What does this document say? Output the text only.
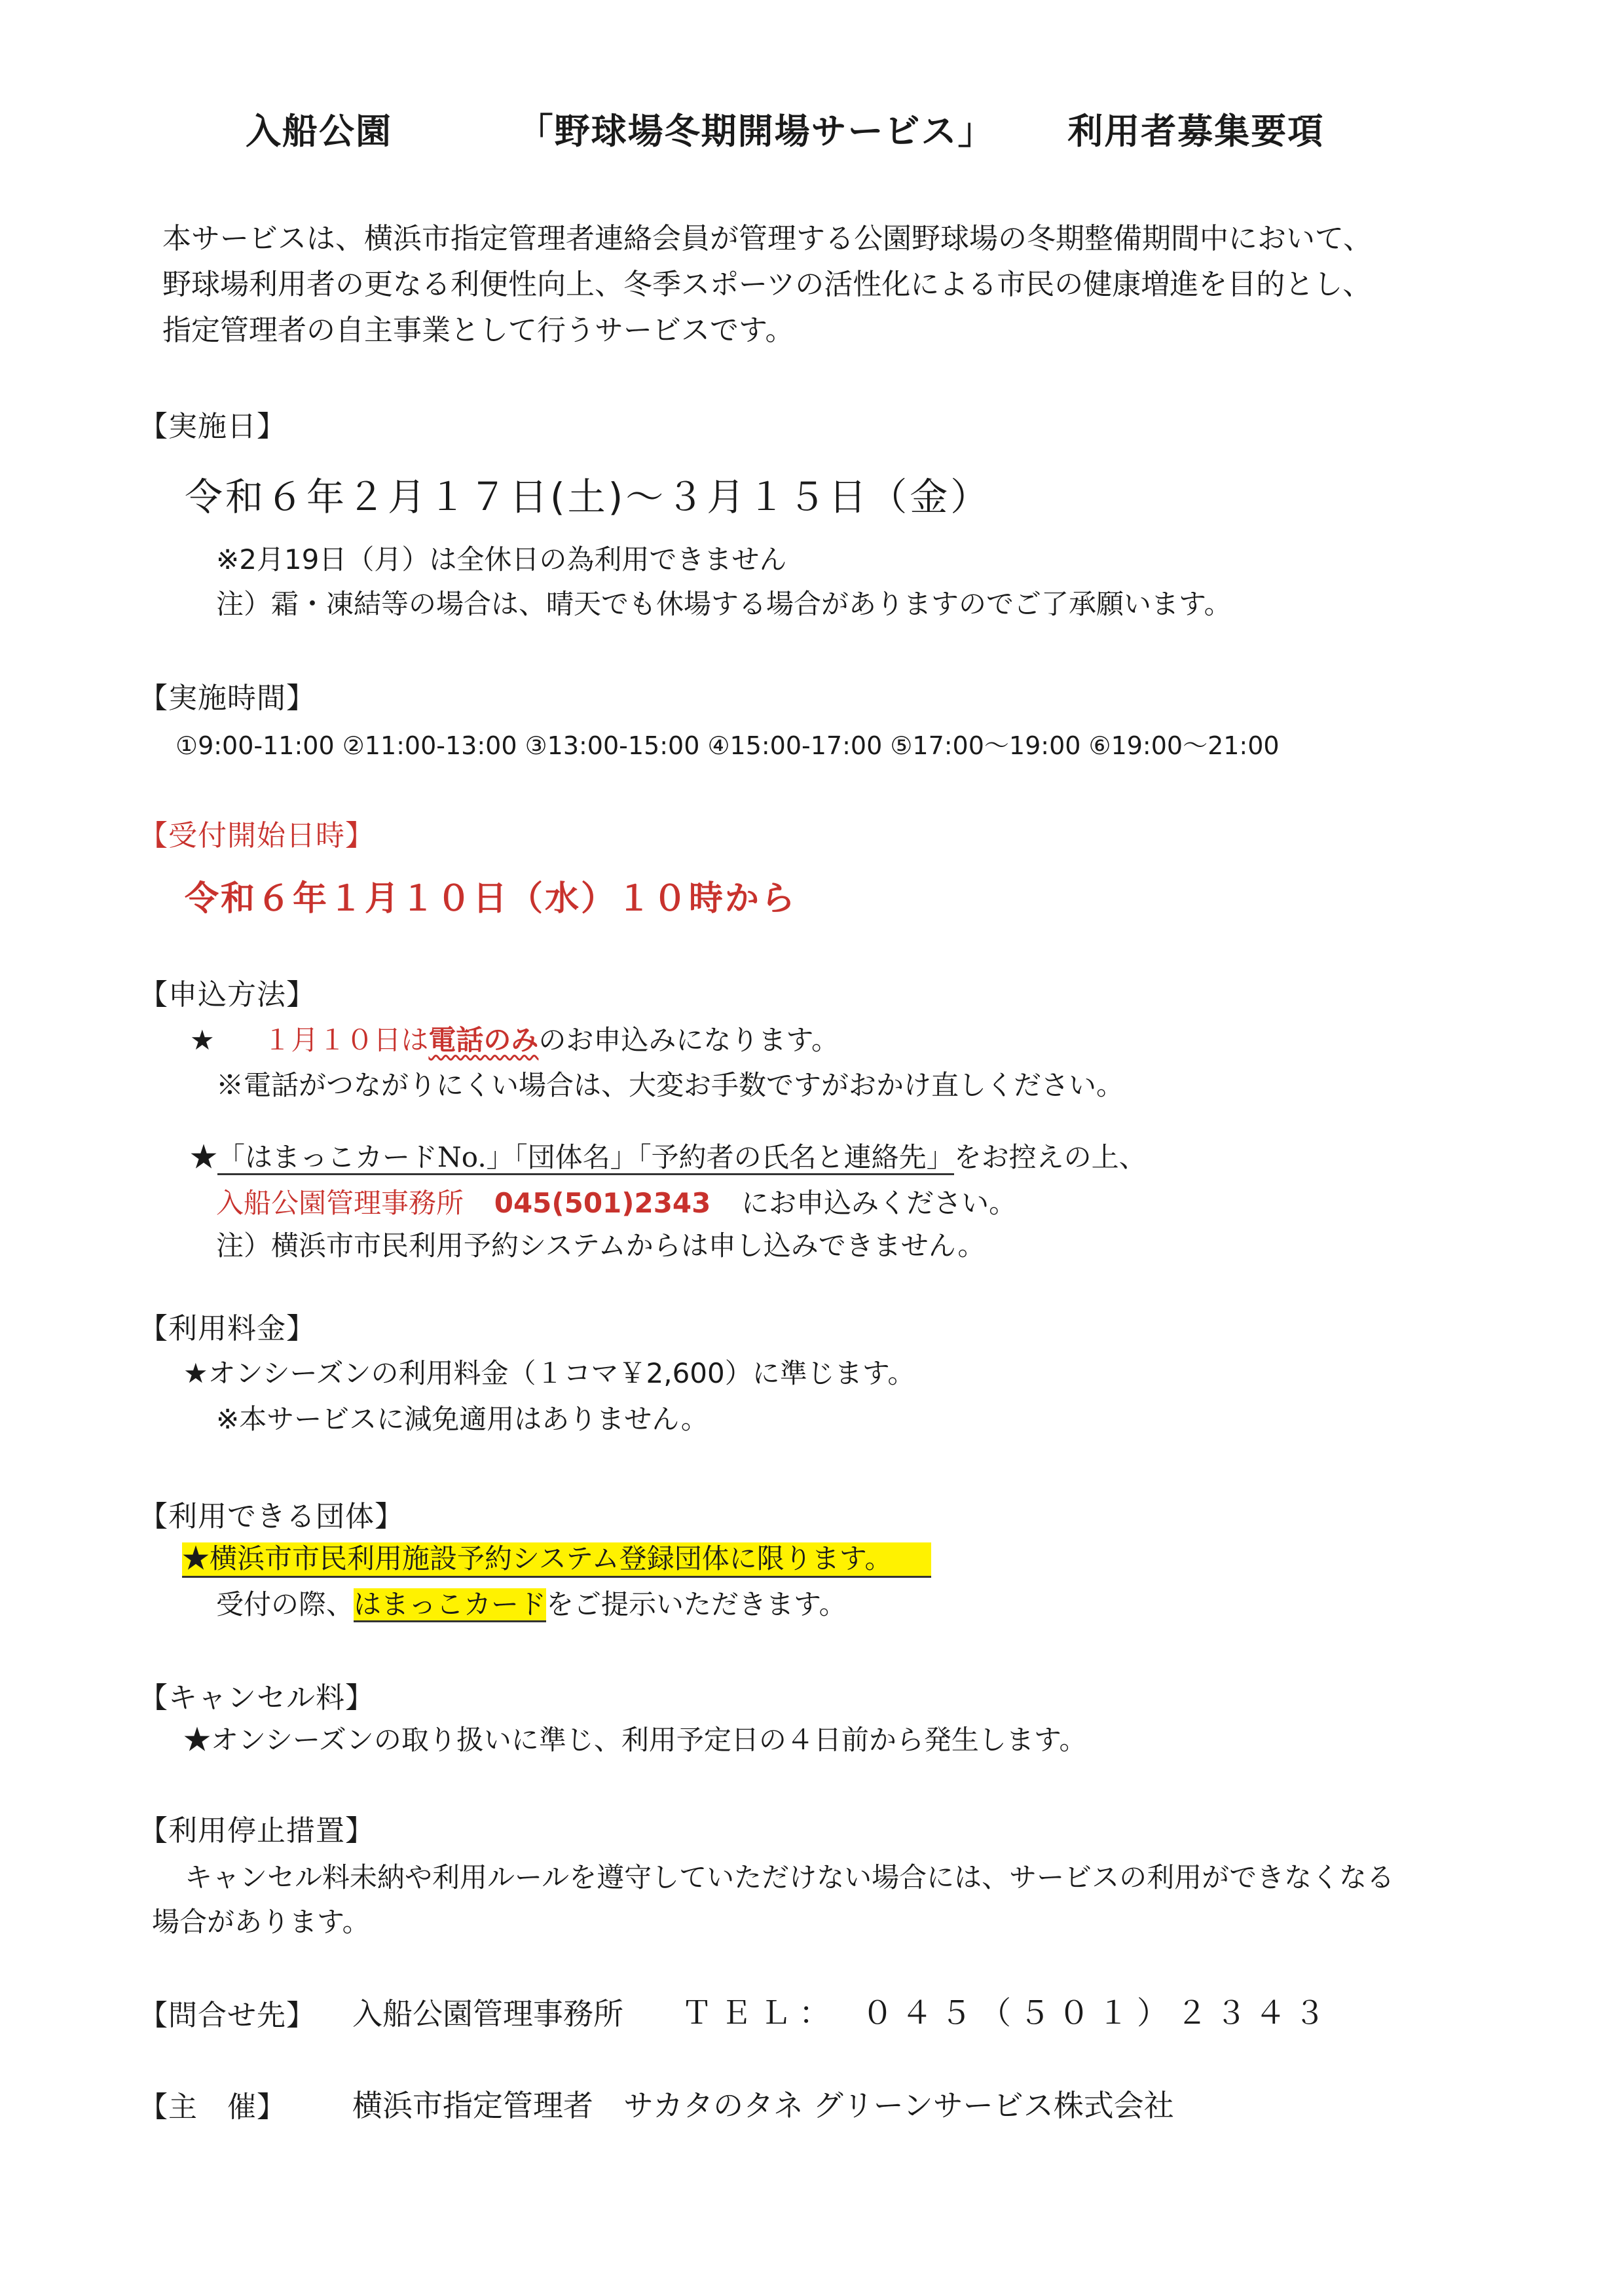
入船公園	「野球場冬期開場サービス」 利用者募集要項
本サービスは、横浜市指定管理者連絡会員が管理する公園野球場の冬期整備期間中において、
野球場利用者の更なる利便性向上、冬季スポーツの活性化による市民の健康増進を目的とし、
指定管理者の自主事業として行うサービスです。
【実施日】
令和６年２月１７日(土)～３月１５日（金）
※2月19日（月）は全休日の為利用できません
注）霜・凍結等の場合は、晴天でも休場する場合がありますのでご了承願います。
【実施時間】
①9:00-11:00 ②11:00-13:00 ③13:00-15:00 ④15:00-17:00 ⑤17:00～19:00 ⑥19:00～21:00
【受付開始日時】
令和６年１月１０日（水）１０時から
【申込方法】
★ １月１０日は電話のみのお申込みになります。
※電話がつながりにくい場合は、大変お手数ですがおかけ直しください。
★「はまっこカードNo.」「団体名」「予約者の氏名と連絡先」をお控えの上、
入船公園管理事務所 045(501)2343 にお申込みください。
注）横浜市市民利用予約システムからは申し込みできません。
【利用料金】
★オンシーズンの利用料金（１コマ￥2,600）に準じます。
※本サービスに減免適用はありません。
【利用できる団体】
★横浜市市民利用施設予約システム登録団体に限ります。
受付の際、はまっこカードをご提示いただきます。
【キャンセル料】
★オンシーズンの取り扱いに準じ、利用予定日の４日前から発生します。
【利用停止措置】
キャンセル料未納や利用ルールを遵守していただけない場合には、サービスの利用ができなくなる
場合があります。
【問合せ先】 入船公園管理事務所 ＴＥＬ：　０４５（５０１）２３４３
【主　催】 横浜市指定管理者　サカタのタネ グリーンサービス株式会社
